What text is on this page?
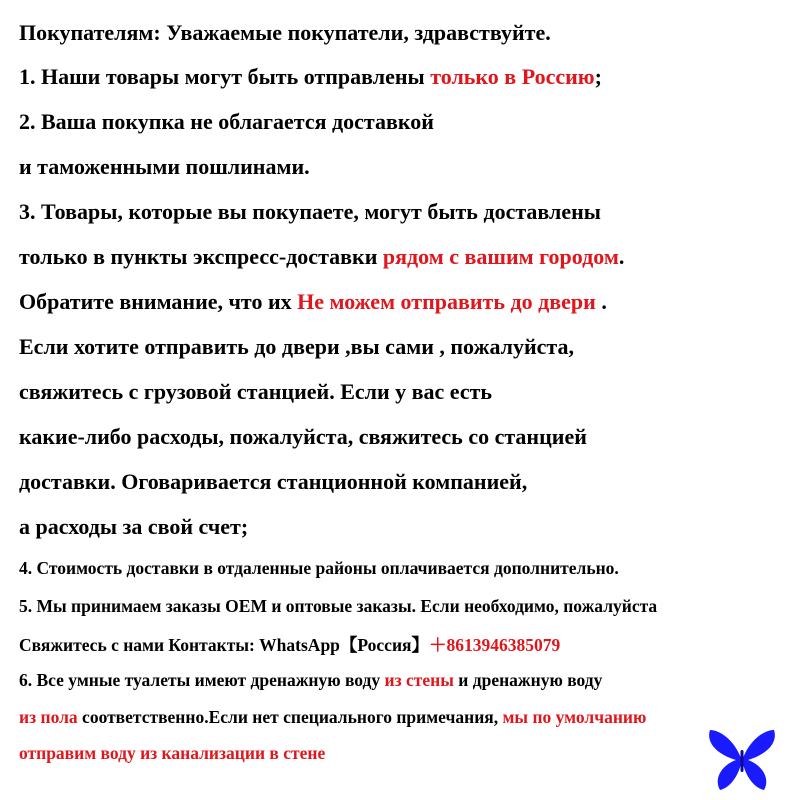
Покупателям: Уважаемые покупатели, здравствуйте.
1. Наши товары могут быть отправлены только в Россию;
2. Ваша покупка не облагается доставкой
и таможенными пошлинами.
3. Товары, которые вы покупаете, могут быть доставлены
только в пункты экспресс-доставки рядом с вашим городом.
Обратите внимание, что их Не можем отправить до двери .
Если хотите отправить до двери ,вы сами , пожалуйста,
свяжитесь с грузовой станцией. Если у вас есть
какие-либо расходы, пожалуйста, свяжитесь со станцией
доставки. Оговаривается станционной компанией,
а расходы за свой счет;
4. Стоимость доставки в отдаленные районы оплачивается дополнительно.
5. Мы принимаем заказы OEM и оптовые заказы. Если необходимо, пожалуйста
Свяжитесь с нами Контакты: WhatsApp【Россия】＋8613946385079
6. Все умные туалеты имеют дренажную воду из стены и дренажную воду
из пола соответственно.Если нет специального примечания, мы по умолчанию
отправим воду из канализации в стене
